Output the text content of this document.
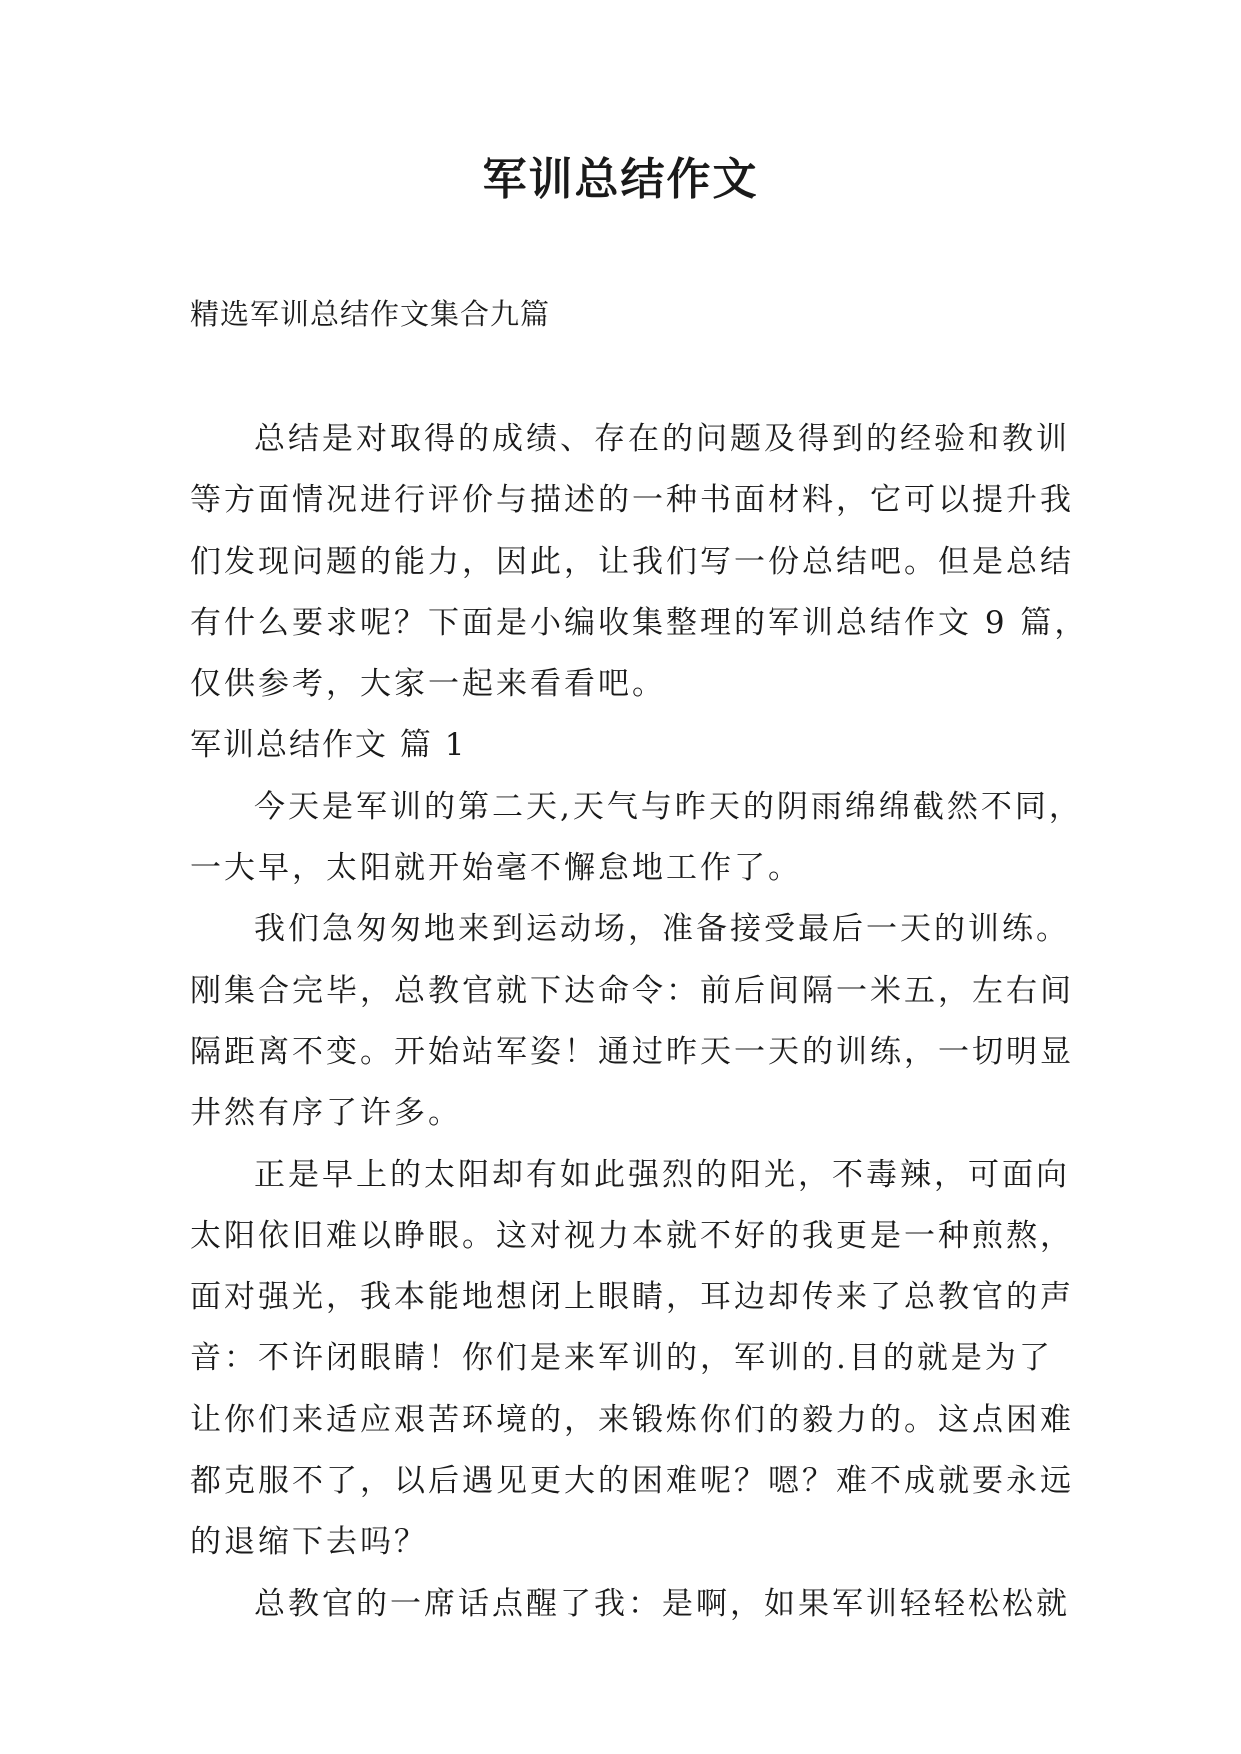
军训总结作文
精选军训总结作文集合九篇
总结是对取得的成绩、存在的问题及得到的经验和教训
等方面情况进行评价与描述的一种书面材料，它可以提升我
们发现问题的能力，因此，让我们写一份总结吧。但是总结
有什么要求呢？下面是小编收集整理的军训总结作文 9 篇，
仅供参考，大家一起来看看吧。
军训总结作文 篇 1
今天是军训的第二天,天气与昨天的阴雨绵绵截然不同，
一大早，太阳就开始毫不懈怠地工作了。
我们急匆匆地来到运动场，准备接受最后一天的训练。
刚集合完毕，总教官就下达命令：前后间隔一米五，左右间
隔距离不变。开始站军姿！通过昨天一天的训练，一切明显
井然有序了许多。
正是早上的太阳却有如此强烈的阳光，不毒辣，可面向
太阳依旧难以睁眼。这对视力本就不好的我更是一种煎熬，
面对强光，我本能地想闭上眼睛，耳边却传来了总教官的声
音：不许闭眼睛！你们是来军训的，军训的.目的就是为了
让你们来适应艰苦环境的，来锻炼你们的毅力的。这点困难
都克服不了，以后遇见更大的困难呢？嗯？难不成就要永远
的退缩下去吗？
总教官的一席话点醒了我：是啊，如果军训轻轻松松就
